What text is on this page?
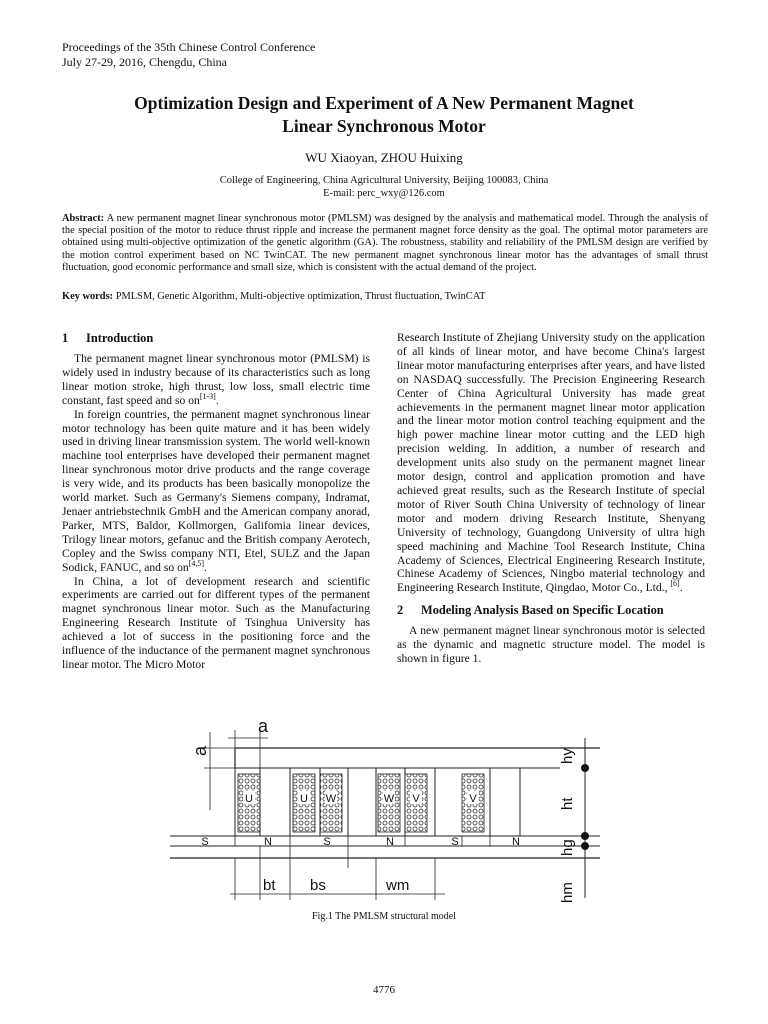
Proceedings of the 35th Chinese Control Conference
July 27-29, 2016, Chengdu, China
Optimization Design and Experiment of A New Permanent Magnet
Linear Synchronous Motor
WU Xiaoyan, ZHOU Huixing
College of Engineering, China Agricultural University, Beijing 100083, China
E-mail: perc_wxy@126.com
Abstract: A new permanent magnet linear synchronous motor (PMLSM) was designed by the analysis and mathematical model. Through the analysis of the special position of the motor to reduce thrust ripple and increase the permanent magnet force density as the goal. The optimal motor parameters are obtained using multi-objective optimization of the genetic algorithm (GA). The robustness, stability and reliability of the PMLSM design are verified by the motion control experiment based on NC TwinCAT. The new permanent magnet synchronous linear motor has the advantages of small thrust fluctuation, good economic performance and small size, which is consistent with the actual demand of the project.
Key words: PMLSM, Genetic Algorithm, Multi-objective optimization, Thrust fluctuation, TwinCAT
1 Introduction

The permanent magnet linear synchronous motor (PMLSM) is widely used in industry because of its characteristics such as long linear motion stroke, high thrust, low loss, small electric time constant, fast speed and so on[1-3].

In foreign countries, the permanent magnet synchronous linear motor technology has been quite mature and it has been widely used in driving linear transmission system. The world well-known machine tool enterprises have developed their permanent magnet linear synchronous motor drive products and the range coverage is very wide, and its products has been basically monopolize the world market. Such as Germany's Siemens company, Indramat, Jenaer antriebstechnik GmbH and the American company anorad, Parker, MTS, Baldor, Kollmorgen, Galifomia linear devices, Trilogy linear motors, gefanuc and the British company Aerotech, Copley and the Swiss company NTI, Etel, SULZ and the Japan Sodick, FANUC, and so on[4,5].

In China, a lot of development research and scientific experiments are carried out for different types of the permanent magnet synchronous linear motor. Such as the Manufacturing Engineering Research Institute of Tsinghua University has achieved a lot of success in the positioning force and the influence of the inductance of the permanent magnet synchronous linear motor. The Micro Motor

Research Institute of Zhejiang University study on the application of all kinds of linear motor, and have become China's largest linear motor manufacturing enterprises after years, and have listed on NASDAQ successfully. The Precision Engineering Research Center of China Agricultural University has made great achievements in the permanent magnet linear motor application and the linear motor motion control teaching equipment and the high power machine linear motor cutting and the LED high precision welding. In addition, a number of research and development units also study on the permanent magnet linear motor design, control and application promotion and have achieved great results, such as the Research Institute of special motor of River South China University of technology of linear motor and modern driving Research Institute, Shenyang University of technology, Guangdong University of ultra high speed machining and Machine Tool Research Institute, China Academy of Sciences, Electrical Engineering Research Institute, Chinese Academy of Sciences, Ningbo material technology and Engineering Research Institute, Qingdao, Motor Co., Ltd., [6].

2 Modeling Analysis Based on Specific Location

A new permanent magnet linear synchronous motor is selected as the dynamic and magnetic structure model. The model is shown in figure 1.

U	U W	W V	V
S	N	S	N	S	N
a
a	hy
ht
hg
hm
bt bs	wm
Fig.1 The PMLSM structural model
4776
